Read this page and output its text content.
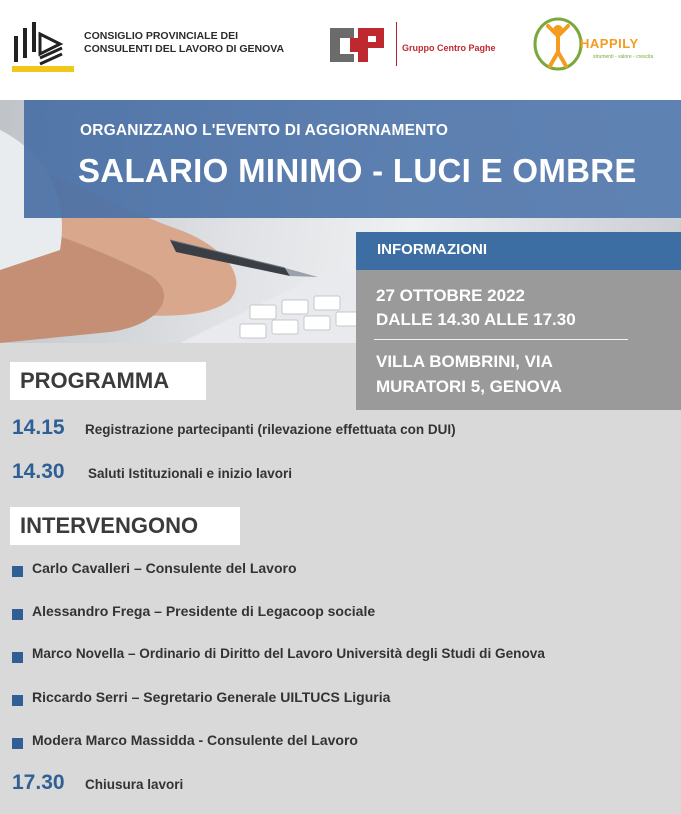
CONSIGLIO PROVINCIALE DEI
CONSULENTI DEL LAVORO DI GENOVA	Gruppo Centro Paghe	HAPPILY
strumenti - valore - crescita
ORGANIZZANO L'EVENTO DI AGGIORNAMENTO
SALARIO MINIMO - LUCI E OMBRE
INFORMAZIONI
27 OTTOBRE 2022
DALLE 14.30 ALLE 17.30
VILLA BOMBRINI, VIA
MURATORI 5, GENOVA
PROGRAMMA
14.15 Registrazione partecipanti (rilevazione effettuata con DUI)
14.30 Saluti Istituzionali e inizio lavori
INTERVENGONO
Carlo Cavalleri – Consulente del Lavoro
Alessandro Frega – Presidente di Legacoop sociale
Marco Novella – Ordinario di Diritto del Lavoro Università degli Studi di Genova
Riccardo Serri – Segretario Generale UILTUCS Liguria
Modera Marco Massidda - Consulente del Lavoro
17.30 Chiusura lavori
